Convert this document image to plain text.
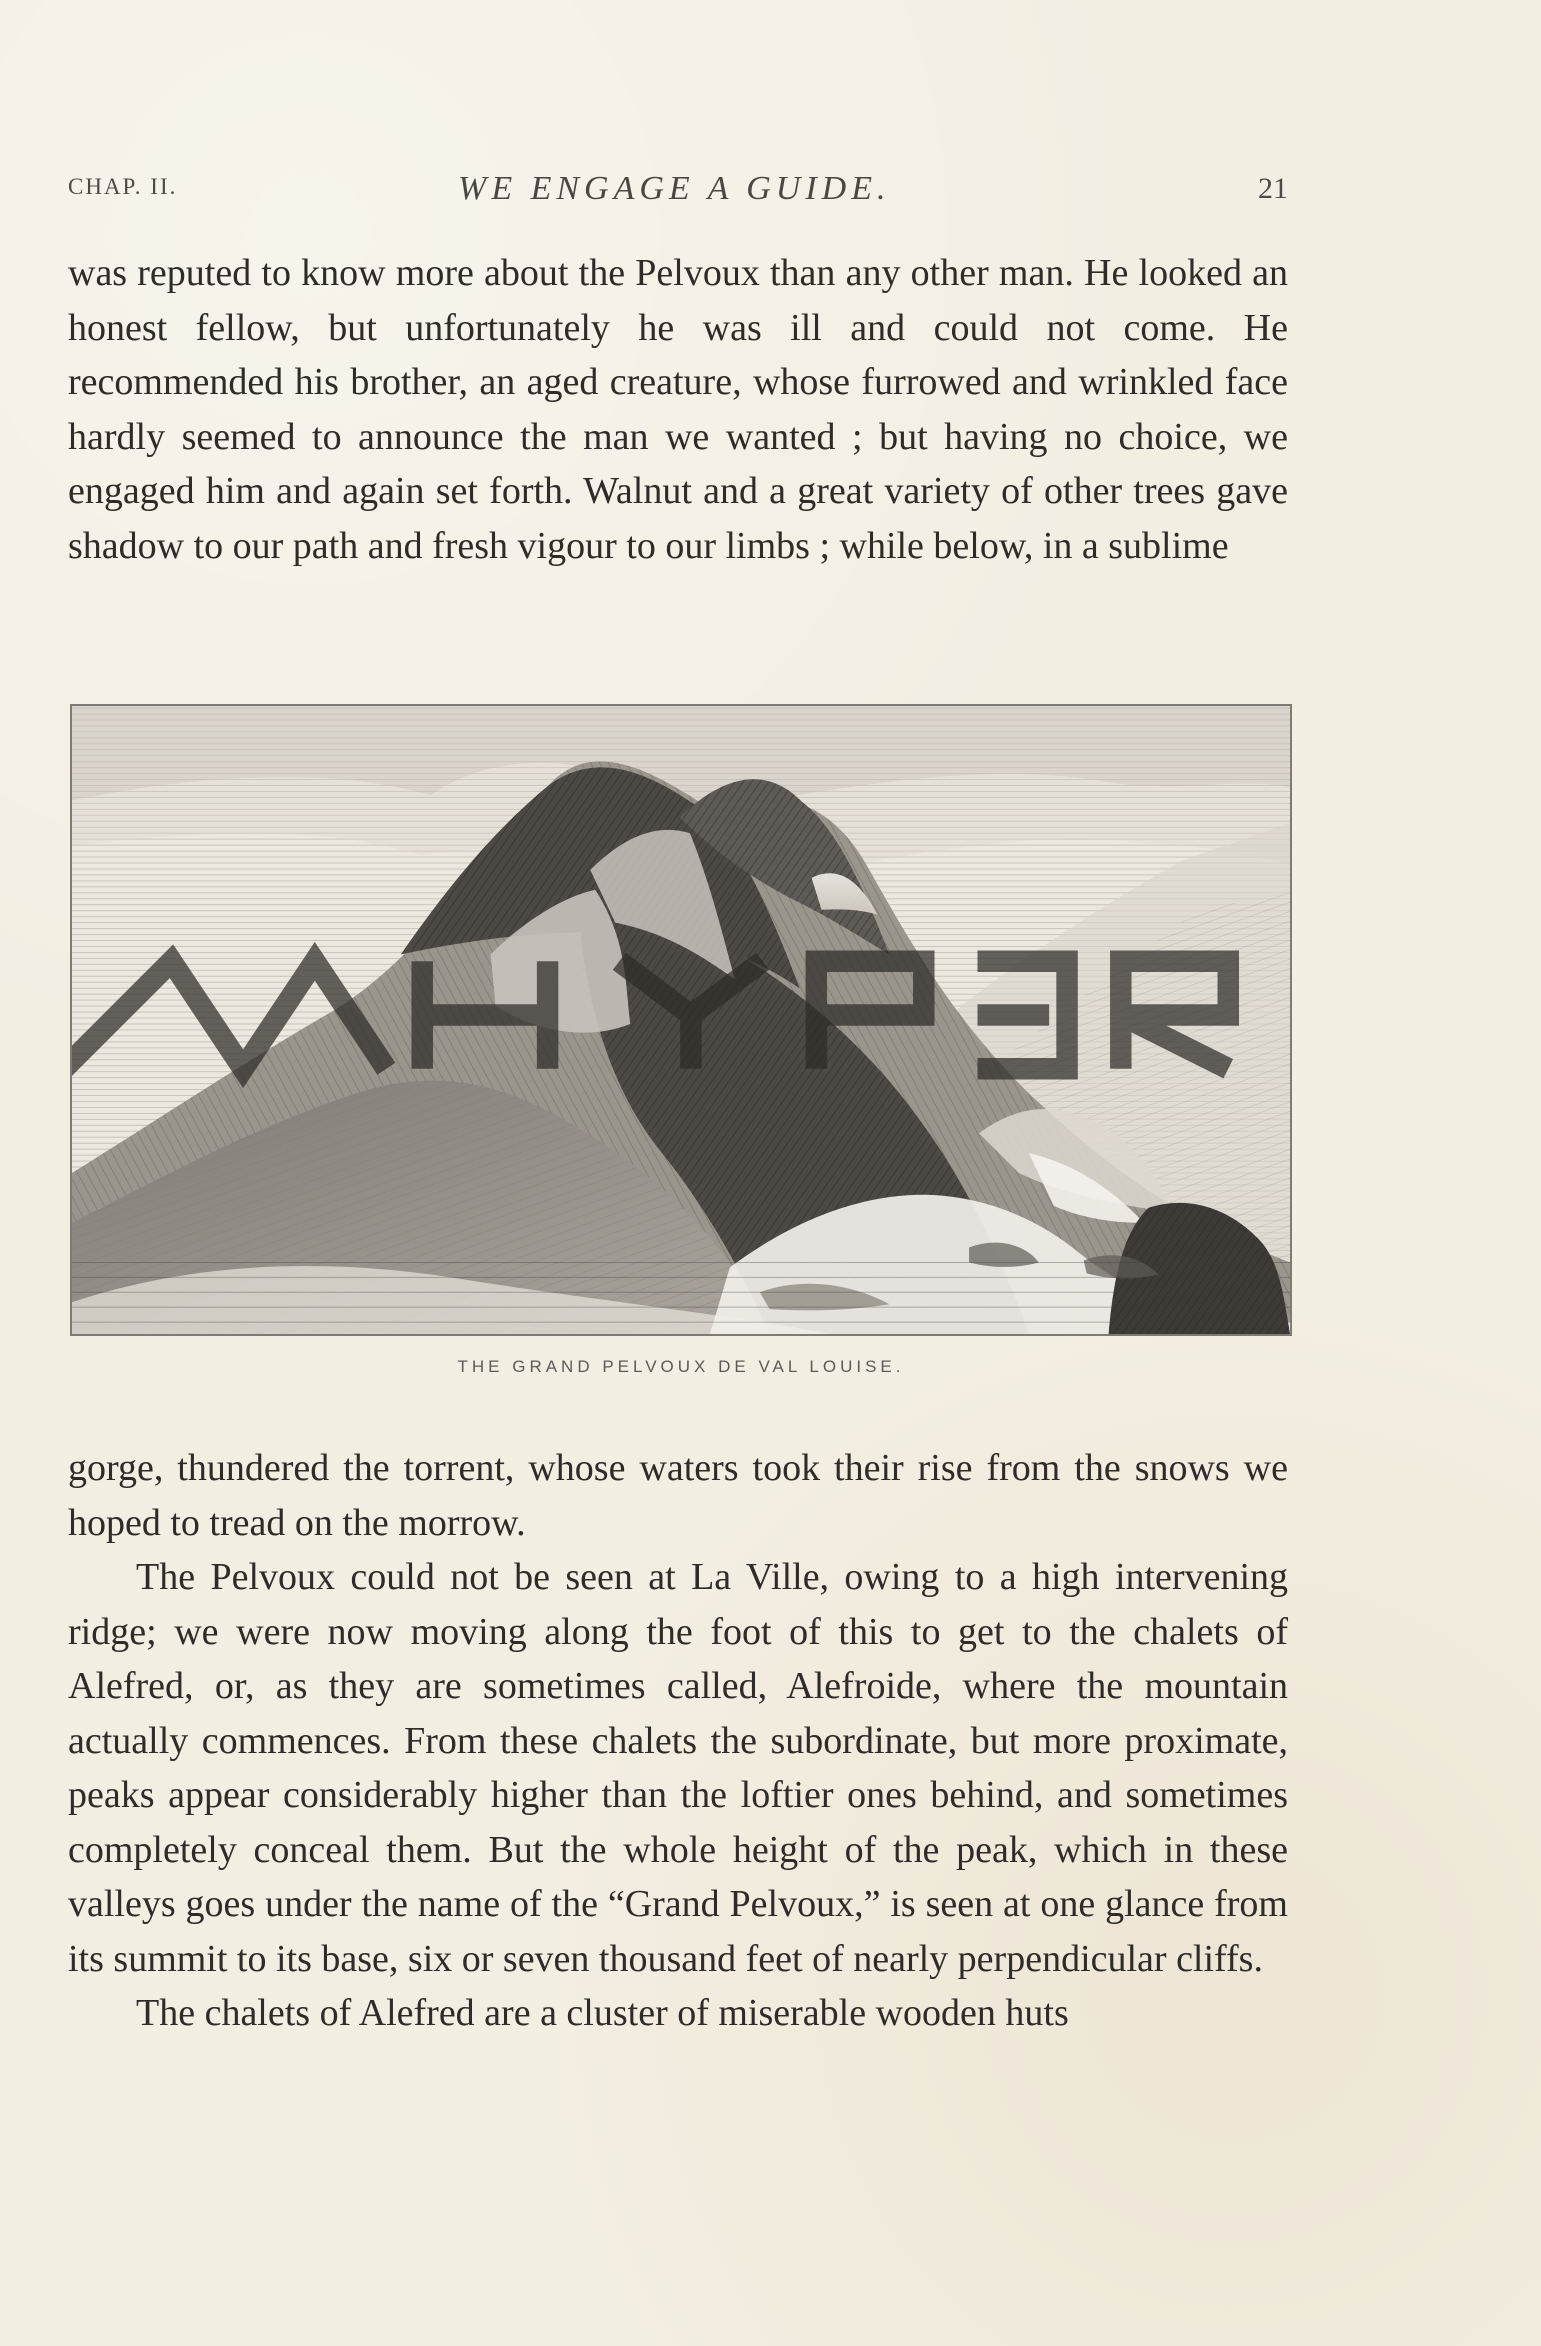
CHAP. II.	WE ENGAGE A GUIDE.	21

was reputed to know more about the Pelvoux than any other man. He looked an honest fellow, but unfortunately he was ill and could not come. He recommended his brother, an aged creature, whose furrowed and wrinkled face hardly seemed to announce the man we wanted ; but having no choice, we engaged him and again set forth. Walnut and a great variety of other trees gave shadow to our path and fresh vigour to our limbs ; while below, in a sublime

THE GRAND PELVOUX DE VAL LOUISE.

gorge, thundered the torrent, whose waters took their rise from the snows we hoped to tread on the morrow.

The Pelvoux could not be seen at La Ville, owing to a high intervening ridge; we were now moving along the foot of this to get to the chalets of Alefred, or, as they are sometimes called, Alefroide, where the mountain actually commences. From these chalets the subordinate, but more proximate, peaks appear considerably higher than the loftier ones behind, and sometimes completely conceal them. But the whole height of the peak, which in these valleys goes under the name of the “Grand Pelvoux,” is seen at one glance from its summit to its base, six or seven thousand feet of nearly perpendicular cliffs.

The chalets of Alefred are a cluster of miserable wooden huts
